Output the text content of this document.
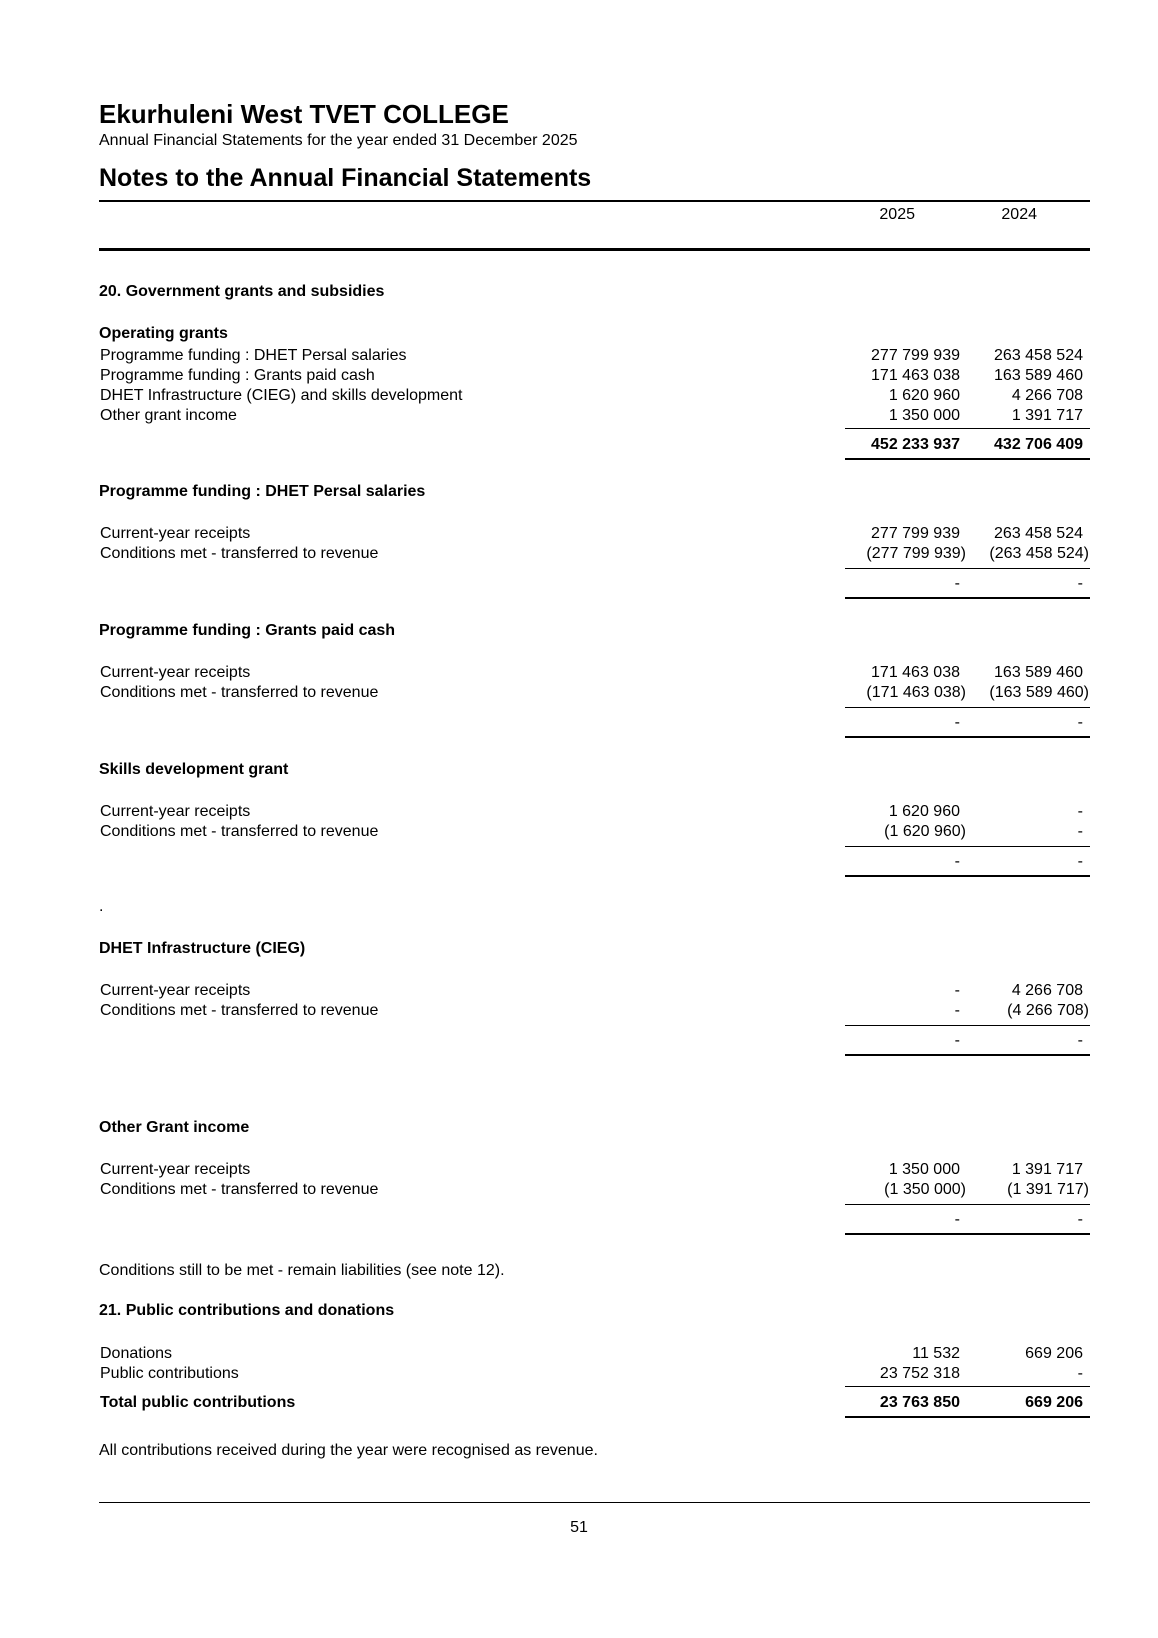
Ekurhuleni West TVET COLLEGE
Annual Financial Statements for the year ended 31 December 2025
Notes to the Annual Financial Statements
2025	2024
20. Government grants and subsidies
Operating grants
Programme funding : DHET Persal salaries	277 799 939	263 458 524
Programme funding : Grants paid cash	171 463 038	163 589 460
DHET Infrastructure (CIEG) and skills development	1 620 960	4 266 708
Other grant income	1 350 000	1 391 717
452 233 937	432 706 409
Programme funding : DHET Persal salaries
Current-year receipts	277 799 939	263 458 524
Conditions met - transferred to revenue	(277 799 939)	(263 458 524)
-	-
Programme funding : Grants paid cash
Current-year receipts	171 463 038	163 589 460
Conditions met - transferred to revenue	(171 463 038)	(163 589 460)
-	-
Skills development grant
Current-year receipts	1 620 960	-
Conditions met - transferred to revenue	(1 620 960)	-
-	-
.
DHET Infrastructure (CIEG)
Current-year receipts	-	4 266 708
Conditions met - transferred to revenue	-	(4 266 708)
-	-
Other Grant income
Current-year receipts	1 350 000	1 391 717
Conditions met - transferred to revenue	(1 350 000)	(1 391 717)
-	-
Conditions still to be met - remain liabilities (see note 12).
21. Public contributions and donations
Donations	11 532	669 206
Public contributions	23 752 318	-
Total public contributions	23 763 850	669 206
All contributions received during the year were recognised as revenue.
51
